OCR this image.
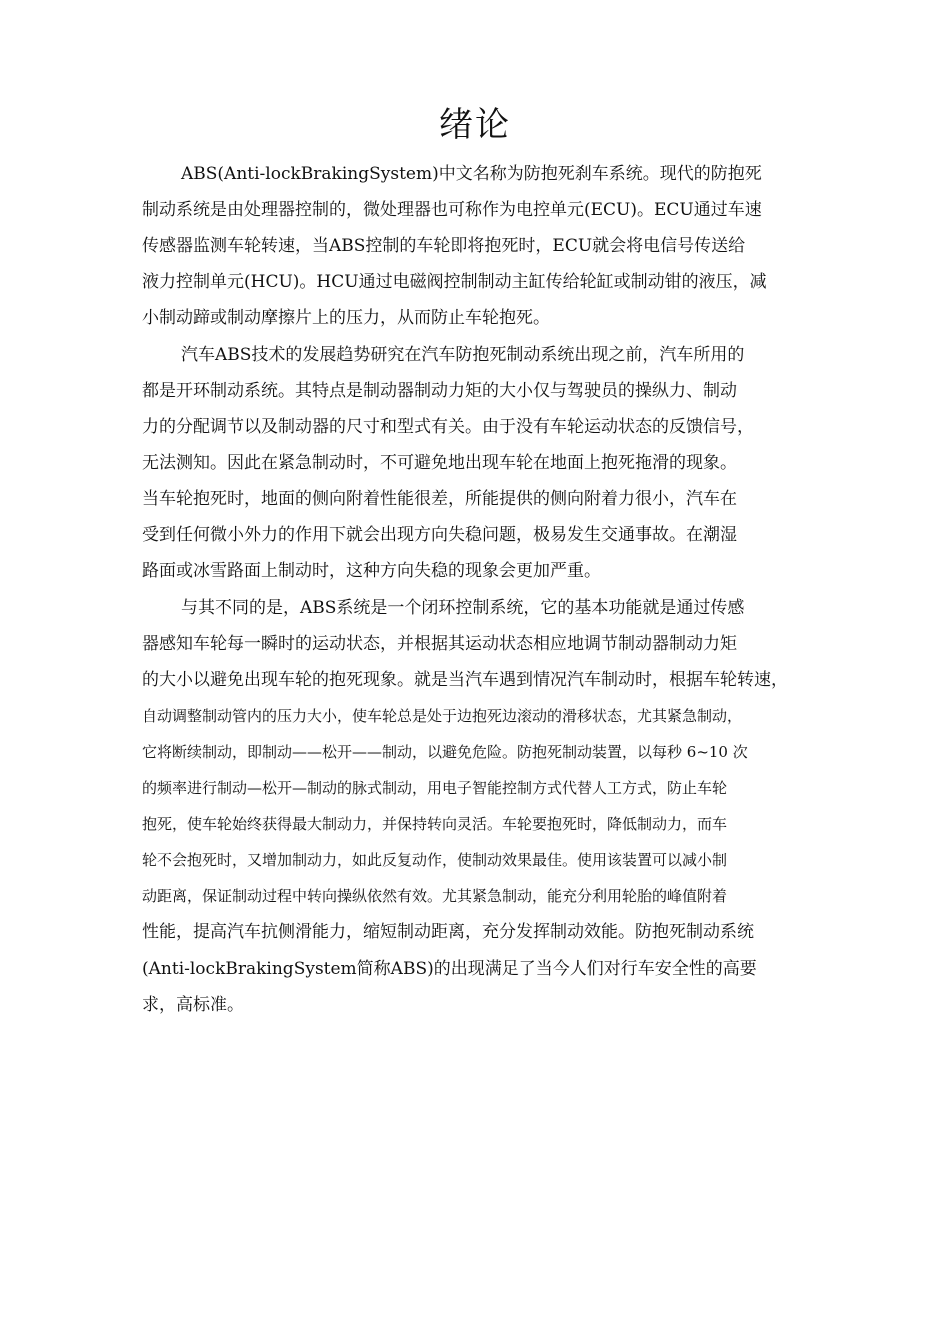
绪论

ABS(Anti-lockBrakingSystem)中文名称为防抱死刹车系统。现代的防抱死

制动系统是由处理器控制的，微处理器也可称作为电控单元(ECU)。ECU通过车速

传感器监测车轮转速，当ABS控制的车轮即将抱死时，ECU就会将电信号传送给

液力控制单元(HCU)。HCU通过电磁阀控制制动主缸传给轮缸或制动钳的液压，减

小制动蹄或制动摩擦片上的压力，从而防止车轮抱死。

汽车ABS技术的发展趋势研究在汽车防抱死制动系统出现之前，汽车所用的

都是开环制动系统。其特点是制动器制动力矩的大小仅与驾驶员的操纵力、制动

力的分配调节以及制动器的尺寸和型式有关。由于没有车轮运动状态的反馈信号，

无法测知。因此在紧急制动时，不可避免地出现车轮在地面上抱死拖滑的现象。

当车轮抱死时，地面的侧向附着性能很差，所能提供的侧向附着力很小，汽车在

受到任何微小外力的作用下就会出现方向失稳问题，极易发生交通事故。在潮湿

路面或冰雪路面上制动时，这种方向失稳的现象会更加严重。

与其不同的是，ABS系统是一个闭环控制系统，它的基本功能就是通过传感

器感知车轮每一瞬时的运动状态，并根据其运动状态相应地调节制动器制动力矩

的大小以避免出现车轮的抱死现象。就是当汽车遇到情况汽车制动时，根据车轮转速，

自动调整制动管内的压力大小，使车轮总是处于边抱死边滚动的滑移状态，尤其紧急制动，

它将断续制动，即制动——松开——制动，以避免危险。防抱死制动装置，以每秒 6~10 次

的频率进行制动—松开—制动的脉式制动，用电子智能控制方式代替人工方式，防止车轮

抱死，使车轮始终获得最大制动力，并保持转向灵活。车轮要抱死时，降低制动力，而车

轮不会抱死时，又增加制动力，如此反复动作，使制动效果最佳。使用该装置可以减小制

动距离，保证制动过程中转向操纵依然有效。尤其紧急制动，能充分利用轮胎的峰值附着

性能，提高汽车抗侧滑能力，缩短制动距离，充分发挥制动效能。防抱死制动系统

(Anti-lockBrakingSystem简称ABS)的出现满足了当今人们对行车安全性的高要

求，高标准。
